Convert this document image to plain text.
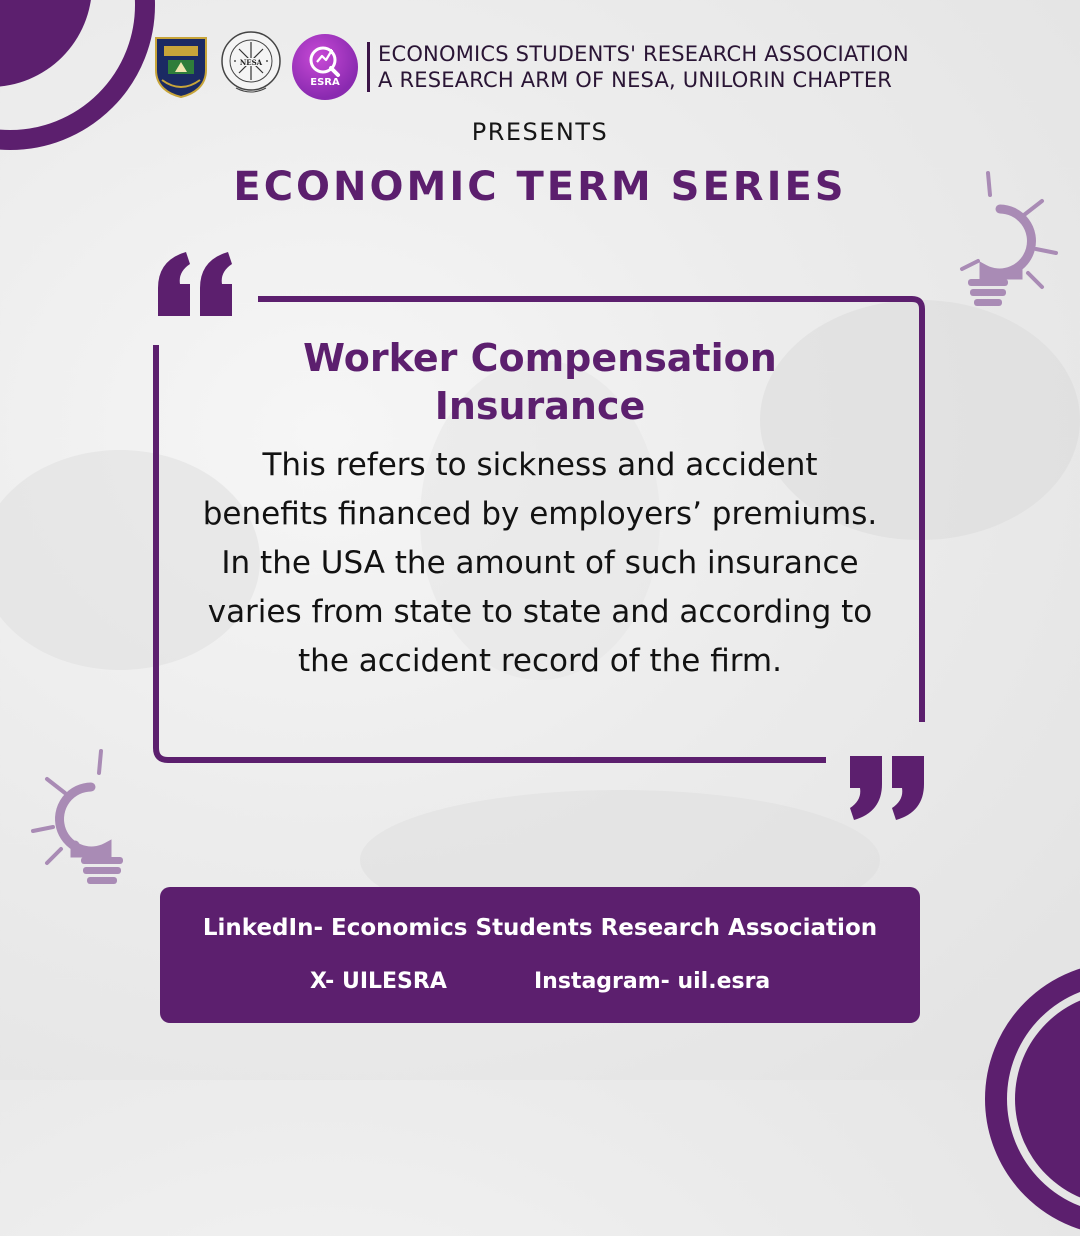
NESA
ESRA
ECONOMICS STUDENTS' RESEARCH ASSOCIATION
A RESEARCH ARM OF NESA, UNILORIN CHAPTER
PRESENTS
ECONOMIC TERM SERIES
Worker Compensation Insurance
This refers to sickness and accident benefits financed by employers’ premiums. In the USA the amount of such insurance varies from state to state and according to the accident record of the firm.
LinkedIn- Economics Students Research Association
X- UILESRA	Instagram- uil.esra
